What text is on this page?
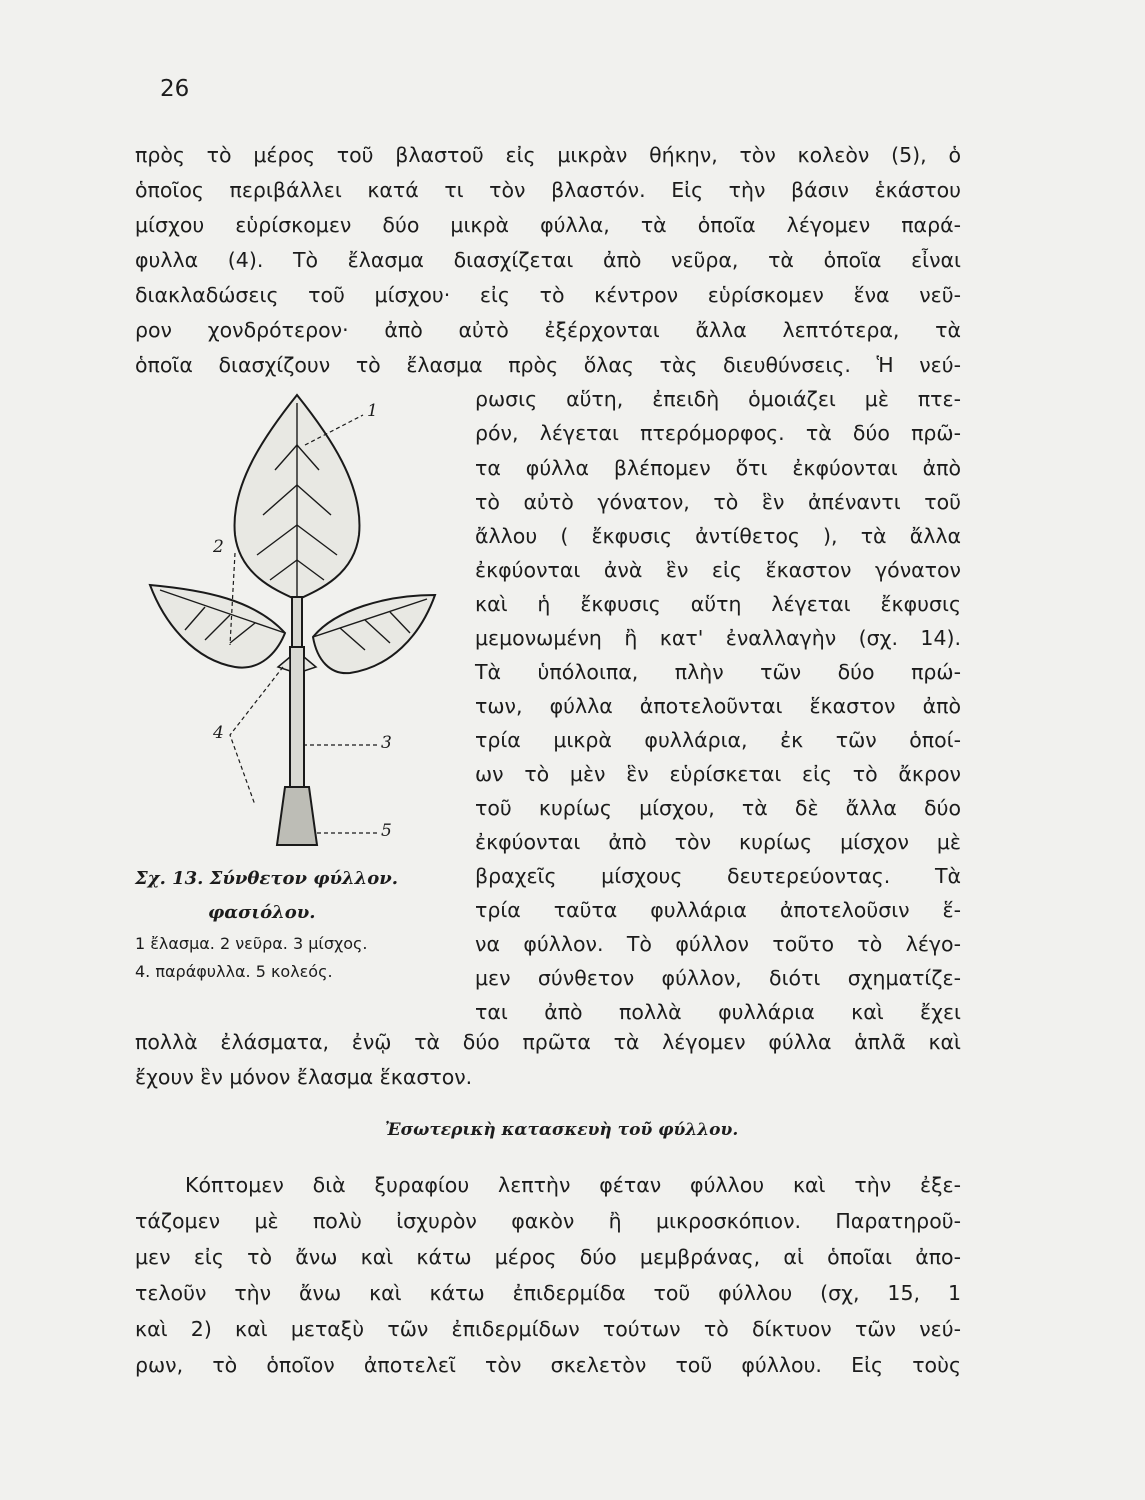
26
πρὸς τὸ μέρος τοῦ βλαστοῦ εἰς μικρὰν θήκην, τὸν κολεὸν (5), ὁ
ὁποῖος περιβάλλει κατά τι τὸν βλαστόν. Εἰς τὴν βάσιν ἑκάστου
μίσχου εὑρίσκομεν δύο μικρὰ φύλλα, τὰ ὁποῖα λέγομεν παρά-
φυλλα (4). Τὸ ἔλασμα διασχίζεται ἀπὸ νεῦρα, τὰ ὁποῖα εἶναι
διακλαδώσεις τοῦ μίσχου· εἰς τὸ κέντρον εὑρίσκομεν ἕνα νεῦ-
ρον χονδρότερον· ἀπὸ αὐτὸ ἐξέρχονται ἄλλα λεπτότερα, τὰ
ὁποῖα διασχίζουν τὸ ἔλασμα πρὸς ὅλας τὰς διευθύνσεις. Ἡ νεύ-
ρωσις αὕτη, ἐπειδὴ ὁμοιάζει μὲ πτε-
ρόν, λέγεται πτερόμορφος. τὰ δύο πρῶ-
τα φύλλα βλέπομεν ὅτι ἐκφύονται ἀπὸ
τὸ αὐτὸ γόνατον, τὸ ἓν ἀπέναντι τοῦ
ἄλλου ( ἔκφυσις ἀντίθετος ), τὰ ἄλλα
ἐκφύονται ἀνὰ ἓν εἰς ἕκαστον γόνατον
καὶ ἡ ἔκφυσις αὕτη λέγεται ἔκφυσις
μεμονωμένη ἢ κατ' ἐναλλαγὴν (σχ. 14).
Τὰ ὑπόλοιπα, πλὴν τῶν δύο πρώ-
των, φύλλα ἀποτελοῦνται ἕκαστον ἀπὸ
τρία μικρὰ φυλλάρια, ἐκ τῶν ὁποί-
ων τὸ μὲν ἓν εὑρίσκεται εἰς τὸ ἄκρον
τοῦ κυρίως μίσχου, τὰ δὲ ἄλλα δύο
ἐκφύονται ἀπὸ τὸν κυρίως μίσχον μὲ
βραχεῖς μίσχους δευτερεύοντας. Τὰ
τρία ταῦτα φυλλάρια ἀποτελοῦσιν ἕ-
να φύλλον. Τὸ φύλλον τοῦτο τὸ λέγο-
μεν σύνθετον φύλλον, διότι σχηματίζε-
ται ἀπὸ πολλὰ φυλλάρια καὶ ἔχει
1
2
3
4
5
Σχ. 13. Σύνθετον φύλλον.
φασιόλου.
1 ἔλασμα. 2 νεῦρα. 3 μίσχος.
4. παράφυλλα. 5 κολεός.
πολλὰ ἐλάσματα, ἐνῷ τὰ δύο πρῶτα τὰ λέγομεν φύλλα ἁπλᾶ καὶ
ἔχουν ἓν μόνον ἔλασμα ἕκαστον.
Ἐσωτερικὴ κατασκευὴ τοῦ φύλλου.
Κόπτομεν διὰ ξυραφίου λεπτὴν φέταν φύλλου καὶ τὴν ἐξε-
τάζομεν μὲ πολὺ ἰσχυρὸν φακὸν ἢ μικροσκόπιον. Παρατηροῦ-
μεν εἰς τὸ ἄνω καὶ κάτω μέρος δύο μεμβράνας, αἱ ὁποῖαι ἀπο-
τελοῦν τὴν ἄνω καὶ κάτω ἐπιδερμίδα τοῦ φύλλου (σχ, 15, 1
καὶ 2) καὶ μεταξὺ τῶν ἐπιδερμίδων τούτων τὸ δίκτυον τῶν νεύ-
ρων, τὸ ὁποῖον ἀποτελεῖ τὸν σκελετὸν τοῦ φύλλου. Εἰς τοὺς
